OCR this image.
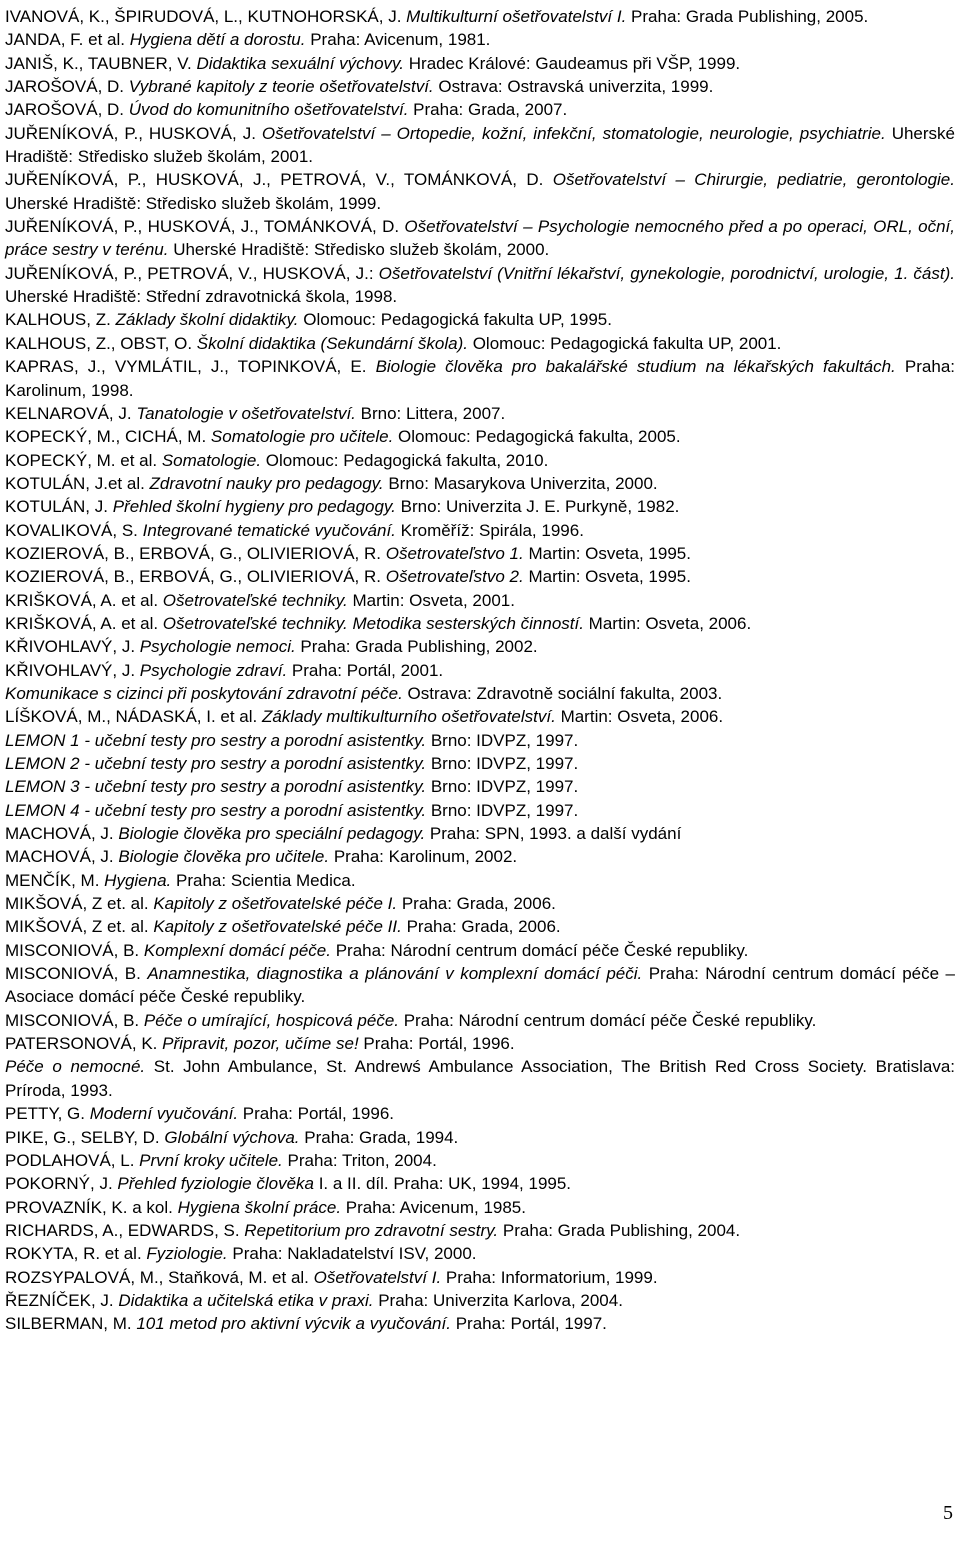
IVANOVÁ, K., ŠPIRUDOVÁ, L., KUTNOHORSKÁ, J. Multikulturní ošetřovatelství I. Praha: Grada Publishing, 2005.

JANDA, F. et al. Hygiena dětí a dorostu. Praha: Avicenum, 1981.

JANIŠ, K., TAUBNER, V. Didaktika sexuální výchovy. Hradec Králové: Gaudeamus při VŠP, 1999.

JAROŠOVÁ, D. Vybrané kapitoly z teorie ošetřovatelství. Ostrava: Ostravská univerzita, 1999.

JAROŠOVÁ, D. Úvod do komunitního ošetřovatelství. Praha: Grada, 2007.

JUŘENÍKOVÁ, P., HUSKOVÁ, J. Ošetřovatelství – Ortopedie, kožní, infekční, stomatologie, neurologie, psychiatrie. Uherské Hradiště: Středisko služeb školám, 2001.

JUŘENÍKOVÁ, P., HUSKOVÁ, J., PETROVÁ, V., TOMÁNKOVÁ, D. Ošetřovatelství – Chirurgie, pediatrie, gerontologie. Uherské Hradiště: Středisko služeb školám, 1999.

JUŘENÍKOVÁ, P., HUSKOVÁ, J., TOMÁNKOVÁ, D. Ošetřovatelství – Psychologie nemocného před a po operaci, ORL, oční, práce sestry v terénu. Uherské Hradiště: Středisko služeb školám, 2000.

JUŘENÍKOVÁ, P., PETROVÁ, V., HUSKOVÁ, J.: Ošetřovatelství (Vnitřní lékařství, gynekologie, porodnictví, urologie, 1. část). Uherské Hradiště: Střední zdravotnická škola, 1998.

KALHOUS, Z. Základy školní didaktiky. Olomouc: Pedagogická fakulta UP, 1995.

KALHOUS, Z., OBST, O. Školní didaktika (Sekundární škola). Olomouc: Pedagogická fakulta UP, 2001.

KAPRAS, J., VYMLÁTIL, J., TOPINKOVÁ, E. Biologie člověka pro bakalářské studium na lékařských fakultách. Praha: Karolinum, 1998.

KELNAROVÁ, J. Tanatologie v ošetřovatelství. Brno: Littera, 2007.

KOPECKÝ, M., CICHÁ, M. Somatologie pro učitele. Olomouc: Pedagogická fakulta, 2005.

KOPECKÝ, M. et al. Somatologie. Olomouc: Pedagogická fakulta, 2010.

KOTULÁN, J.et al. Zdravotní nauky pro pedagogy. Brno: Masarykova Univerzita, 2000.

KOTULÁN, J. Přehled školní hygieny pro pedagogy. Brno: Univerzita J. E. Purkyně, 1982.

KOVALIKOVÁ, S. Integrované tematické vyučování. Kroměříž: Spirála, 1996.

KOZIEROVÁ, B., ERBOVÁ, G., OLIVIERIOVÁ, R. Ošetrovateľstvo 1. Martin: Osveta, 1995.

KOZIEROVÁ, B., ERBOVÁ, G., OLIVIERIOVÁ, R. Ošetrovateľstvo 2. Martin: Osveta, 1995.

KRIŠKOVÁ, A. et al. Ošetrovateľské techniky. Martin: Osveta, 2001.

KRIŠKOVÁ, A. et al. Ošetrovateľské techniky. Metodika sesterských činností. Martin: Osveta, 2006.

KŘIVOHLAVÝ, J. Psychologie nemoci. Praha: Grada Publishing, 2002.

KŘIVOHLAVÝ, J. Psychologie zdraví. Praha: Portál, 2001.

Komunikace s cizinci při poskytování zdravotní péče. Ostrava: Zdravotně sociální fakulta, 2003.

LÍŠKOVÁ, M., NÁDASKÁ, I. et al. Základy multikulturního ošetřovatelství. Martin: Osveta, 2006.

LEMON 1 - učební testy pro sestry a porodní asistentky. Brno: IDVPZ, 1997.

LEMON 2 - učební testy pro sestry a porodní asistentky. Brno: IDVPZ, 1997.

LEMON 3 - učební testy pro sestry a porodní asistentky. Brno: IDVPZ, 1997.

LEMON 4 - učební testy pro sestry a porodní asistentky. Brno: IDVPZ, 1997.

MACHOVÁ, J. Biologie člověka pro speciální pedagogy. Praha: SPN, 1993. a další vydání

MACHOVÁ, J. Biologie člověka pro učitele. Praha: Karolinum, 2002.

MENČÍK, M. Hygiena. Praha: Scientia Medica.

MIKŠOVÁ, Z et. al. Kapitoly z ošetřovatelské péče I. Praha: Grada, 2006.

MIKŠOVÁ, Z et. al. Kapitoly z ošetřovatelské péče II. Praha: Grada, 2006.

MISCONIOVÁ, B. Komplexní domácí péče. Praha: Národní centrum domácí péče České republiky.

MISCONIOVÁ, B. Anamnestika, diagnostika a plánování v komplexní domácí péči. Praha: Národní centrum domácí péče – Asociace domácí péče České republiky.

MISCONIOVÁ, B. Péče o umírající, hospicová péče. Praha: Národní centrum domácí péče České republiky.

PATERSONOVÁ, K. Připravit, pozor, učíme se! Praha: Portál, 1996.

Péče o nemocné. St. John Ambulance, St. Andrewś Ambulance Association, The British Red Cross Society. Bratislava: Príroda, 1993.

PETTY, G. Moderní vyučování. Praha: Portál, 1996.

PIKE, G., SELBY, D. Globální výchova. Praha: Grada, 1994.

PODLAHOVÁ, L. První kroky učitele. Praha: Triton, 2004.

POKORNÝ, J. Přehled fyziologie člověka I. a II. díl. Praha: UK, 1994, 1995.

PROVAZNÍK, K. a kol. Hygiena školní práce. Praha: Avicenum, 1985.

RICHARDS, A., EDWARDS, S. Repetitorium pro zdravotní sestry. Praha: Grada Publishing, 2004.

ROKYTA, R. et al. Fyziologie. Praha: Nakladatelství ISV, 2000.

ROZSYPALOVÁ, M., Staňková, M. et al. Ošetřovatelství I. Praha: Informatorium, 1999.

ŘEZNÍČEK, J. Didaktika a učitelská etika v praxi. Praha: Univerzita Karlova, 2004.

SILBERMAN, M. 101 metod pro aktivní výcvik a vyučování. Praha: Portál, 1997.

5
